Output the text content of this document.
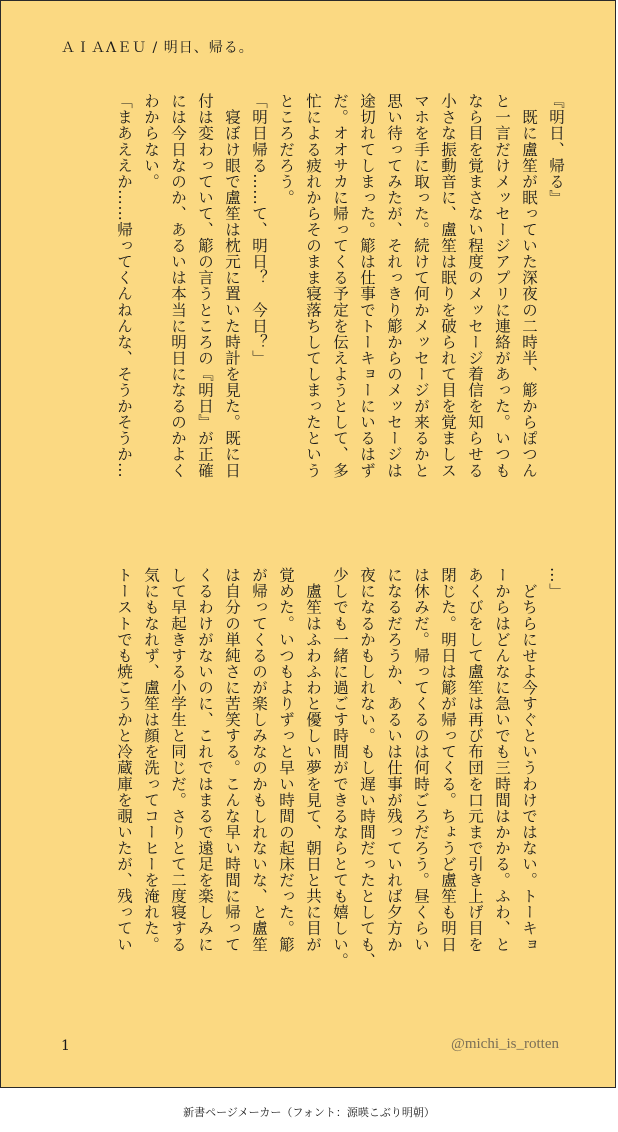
ＡＩＡΛＥＵ / 明日、帰る。
『明日、帰る』
　既に盧笙が眠っていた深夜の二時半、簓からぽつん
と一言だけメッセージアプリに連絡があった。いつも
なら目を覚まさない程度のメッセージ着信を知らせる
小さな振動音に、盧笙は眠りを破られて目を覚ましス
マホを手に取った。続けて何かメッセージが来るかと
思い待ってみたが、それっきり簓からのメッセージは
途切れてしまった。簓は仕事でトーキョーにいるはず
だ。オオサカに帰ってくる予定を伝えようとして、多
忙による疲れからそのまま寝落ちしてしまったという
ところだろう。
「明日帰る……て、明日？　今日？」
　寝ぼけ眼で盧笙は枕元に置いた時計を見た。既に日
付は変わっていて、簓の言うところの『明日』が正確
には今日なのか、あるいは本当に明日になるのかよく
わからない。
「まあええか……帰ってくんねんな、そうかそうか…
…」
　どちらにせよ今すぐというわけではない。トーキョ
ーからはどんなに急いでも三時間はかかる。ふわ、と
あくびをして盧笙は再び布団を口元まで引き上げ目を
閉じた。明日は簓が帰ってくる。ちょうど盧笙も明日
は休みだ。帰ってくるのは何時ごろだろう。昼くらい
になるだろうか、あるいは仕事が残っていれば夕方か
夜になるかもしれない。もし遅い時間だったとしても、
少しでも一緒に過ごす時間ができるならとても嬉しい。
　盧笙はふわふわと優しい夢を見て、朝日と共に目が
覚めた。いつもよりずっと早い時間の起床だった。簓
が帰ってくるのが楽しみなのかもしれないな、と盧笙
は自分の単純さに苦笑する。こんな早い時間に帰って
くるわけがないのに、これではまるで遠足を楽しみに
して早起きする小学生と同じだ。さりとて二度寝する
気にもなれず、盧笙は顔を洗ってコーヒーを淹れた。
トーストでも焼こうかと冷蔵庫を覗いたが、残ってい
1	@michi_is_rotten
新書ページメーカー（フォント：源暎こぶり明朝）
